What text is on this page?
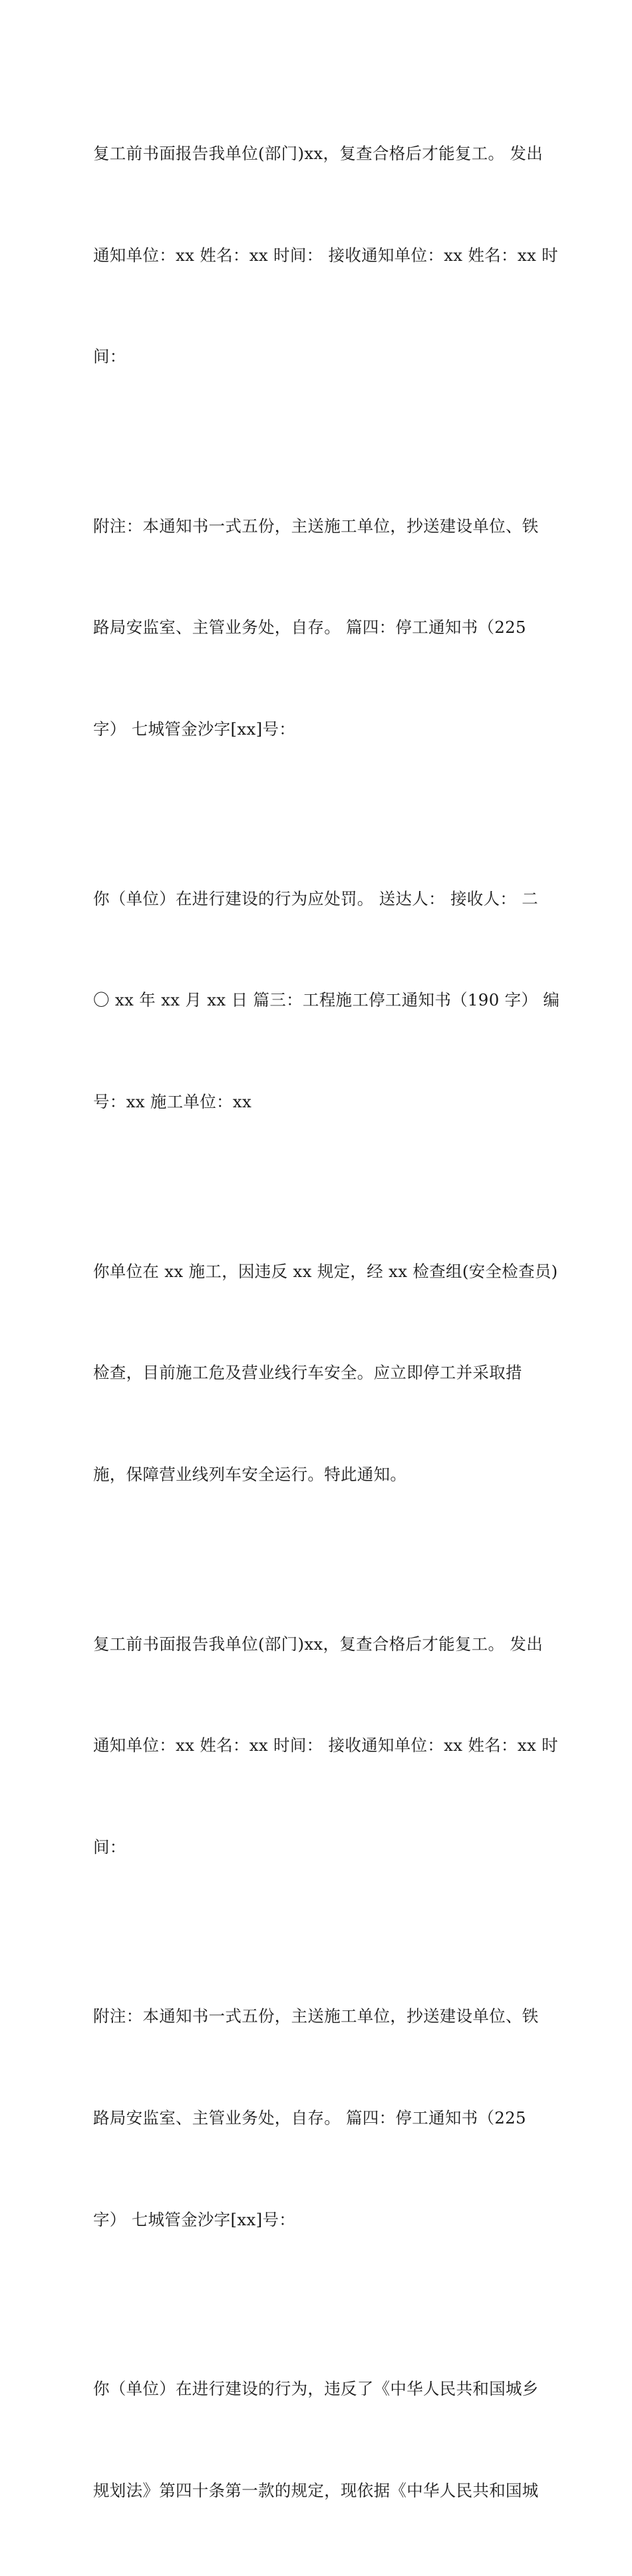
复工前书面报告我单位(部门)xx，复查合格后才能复工。 发出

通知单位：xx 姓名：xx 时间： 接收通知单位：xx 姓名：xx 时

间：

附注：本通知书一式五份，主送施工单位，抄送建设单位、铁

路局安监室、主管业务处，自存。 篇四：停工通知书（225

字） 七城管金沙字[xx]号：

你（单位）在进行建设的行为应处罚。 送达人： 接收人： 二

〇 xx 年 xx 月 xx 日 篇三：工程施工停工通知书（190 字） 编

号：xx 施工单位：xx

你单位在 xx 施工，因违反 xx 规定，经 xx 检查组(安全检查员)

检查，目前施工危及营业线行车安全。应立即停工并采取措

施，保障营业线列车安全运行。特此通知。

复工前书面报告我单位(部门)xx，复查合格后才能复工。 发出

通知单位：xx 姓名：xx 时间： 接收通知单位：xx 姓名：xx 时

间：

附注：本通知书一式五份，主送施工单位，抄送建设单位、铁

路局安监室、主管业务处，自存。 篇四：停工通知书（225

字） 七城管金沙字[xx]号：

你（单位）在进行建设的行为，违反了《中华人民共和国城乡

规划法》第四十条第一款的规定，现依据《中华人民共和国城
